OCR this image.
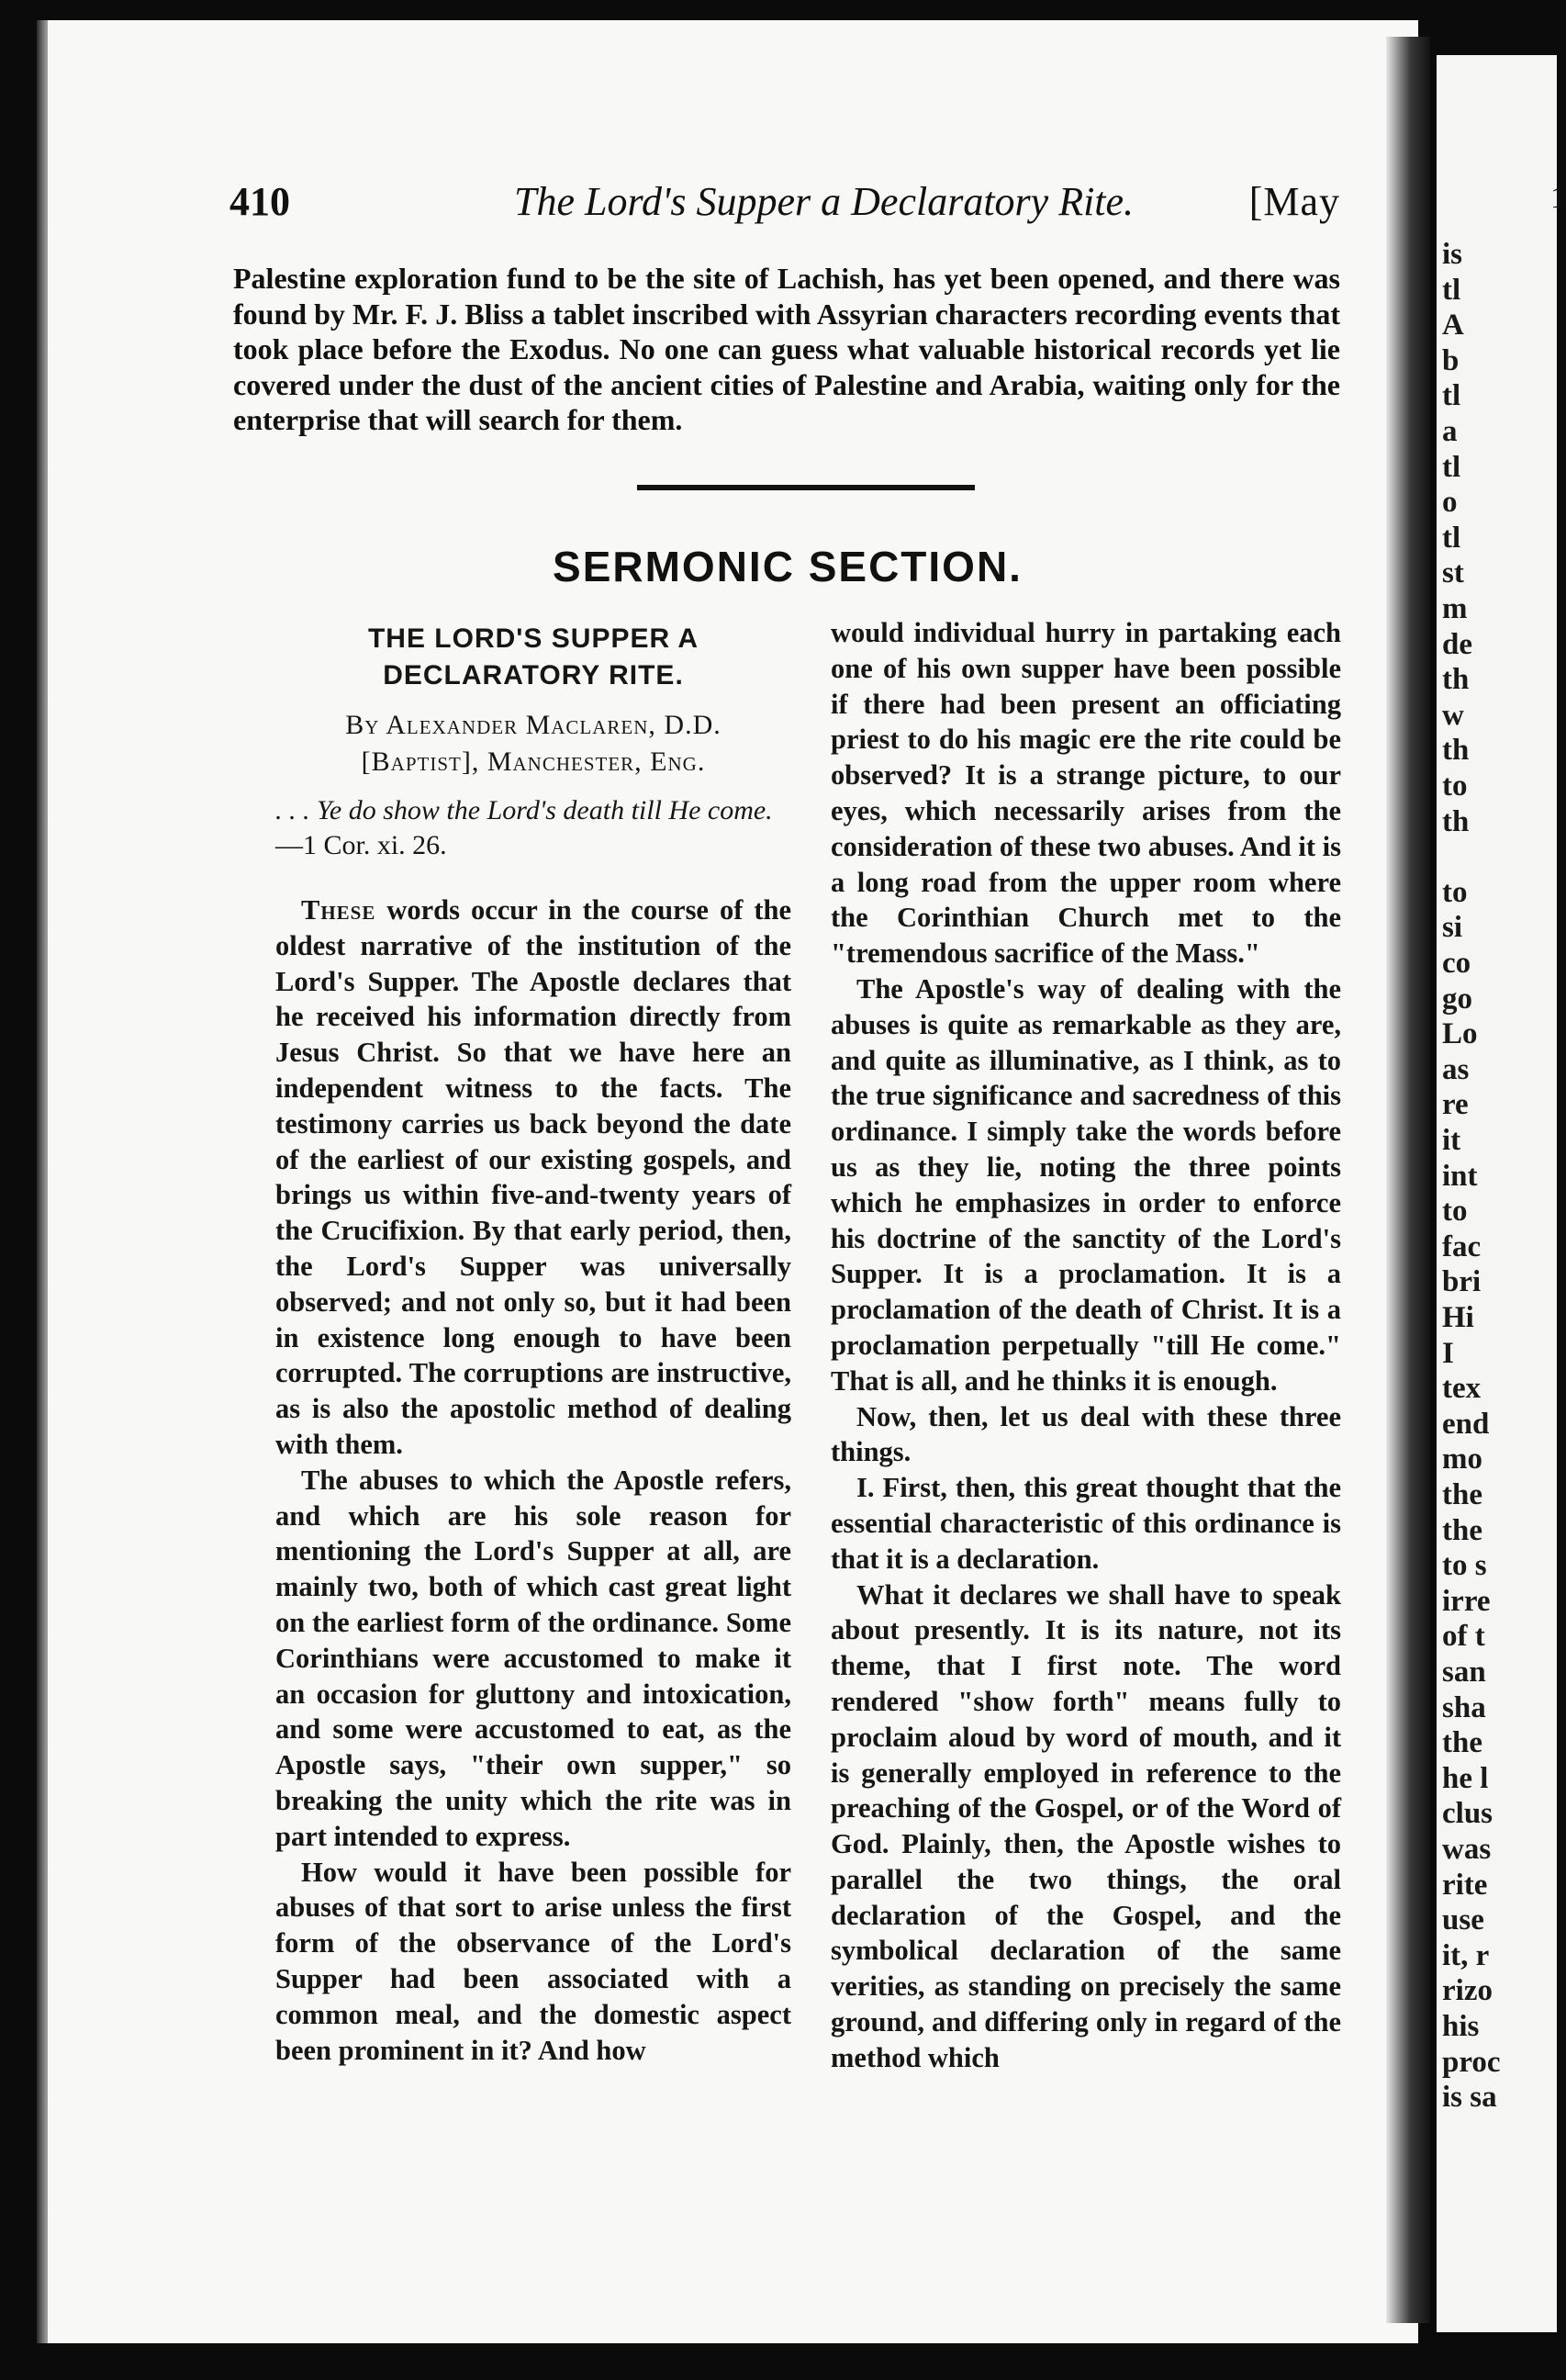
410	The Lord's Supper a Declaratory Rite.	[May
Palestine exploration fund to be the site of Lachish, has yet been opened, and there was found by Mr. F. J. Bliss a tablet inscribed with Assyrian characters recording events that took place before the Exodus. No one can guess what valuable historical records yet lie covered under the dust of the ancient cities of Palestine and Arabia, waiting only for the enterprise that will search for them.
SERMONIC SECTION.
THE LORD'S SUPPER A DECLARATORY RITE.
By Alexander Maclaren, D.D.
[Baptist], Manchester, Eng.
. . . Ye do show the Lord's death till He come.—1 Cor. xi. 26.

These words occur in the course of the oldest narrative of the institution of the Lord's Supper. The Apostle declares that he received his information directly from Jesus Christ. So that we have here an independent witness to the facts. The testimony carries us back beyond the date of the earliest of our existing gospels, and brings us within five-and-twenty years of the Crucifixion. By that early period, then, the Lord's Supper was universally observed; and not only so, but it had been in existence long enough to have been corrupted. The corruptions are instructive, as is also the apostolic method of dealing with them.

The abuses to which the Apostle refers, and which are his sole reason for mentioning the Lord's Supper at all, are mainly two, both of which cast great light on the earliest form of the ordinance. Some Corinthians were accustomed to make it an occasion for gluttony and intoxication, and some were accustomed to eat, as the Apostle says, "their own supper," so breaking the unity which the rite was in part intended to express.

How would it have been possible for abuses of that sort to arise unless the first form of the observance of the Lord's Supper had been associated with a common meal, and the domestic aspect been prominent in it? And how

would individual hurry in partaking each one of his own supper have been possible if there had been present an officiating priest to do his magic ere the rite could be observed? It is a strange picture, to our eyes, which necessarily arises from the consideration of these two abuses. And it is a long road from the upper room where the Corinthian Church met to the "tremendous sacrifice of the Mass."

The Apostle's way of dealing with the abuses is quite as remarkable as they are, and quite as illuminative, as I think, as to the true significance and sacredness of this ordinance. I simply take the words before us as they lie, noting the three points which he emphasizes in order to enforce his doctrine of the sanctity of the Lord's Supper. It is a proclamation. It is a proclamation of the death of Christ. It is a proclamation perpetually "till He come." That is all, and he thinks it is enough.

Now, then, let us deal with these three things.

I. First, then, this great thought that the essential characteristic of this ordinance is that it is a declaration.

What it declares we shall have to speak about presently. It is its nature, not its theme, that I first note. The word rendered "show forth" means fully to proclaim aloud by word of mouth, and it is generally employed in reference to the preaching of the Gospel, or of the Word of God. Plainly, then, the Apostle wishes to parallel the two things, the oral declaration of the Gospel, and the symbolical declaration of the same verities, as standing on precisely the same ground, and differing only in regard of the method which

1
is
tl
A
b
tl
a
tl
o
tl
st
m
de
th
w
th
to
th
to
si
co
go
Lo
as
re
it
int
to
fac
bri
Hi
I
tex
end
mo
the
the
to s
irre
of t
san
sha
the
he l
clus
was
rite
use
it, r
rizo
his
proc
is sa
